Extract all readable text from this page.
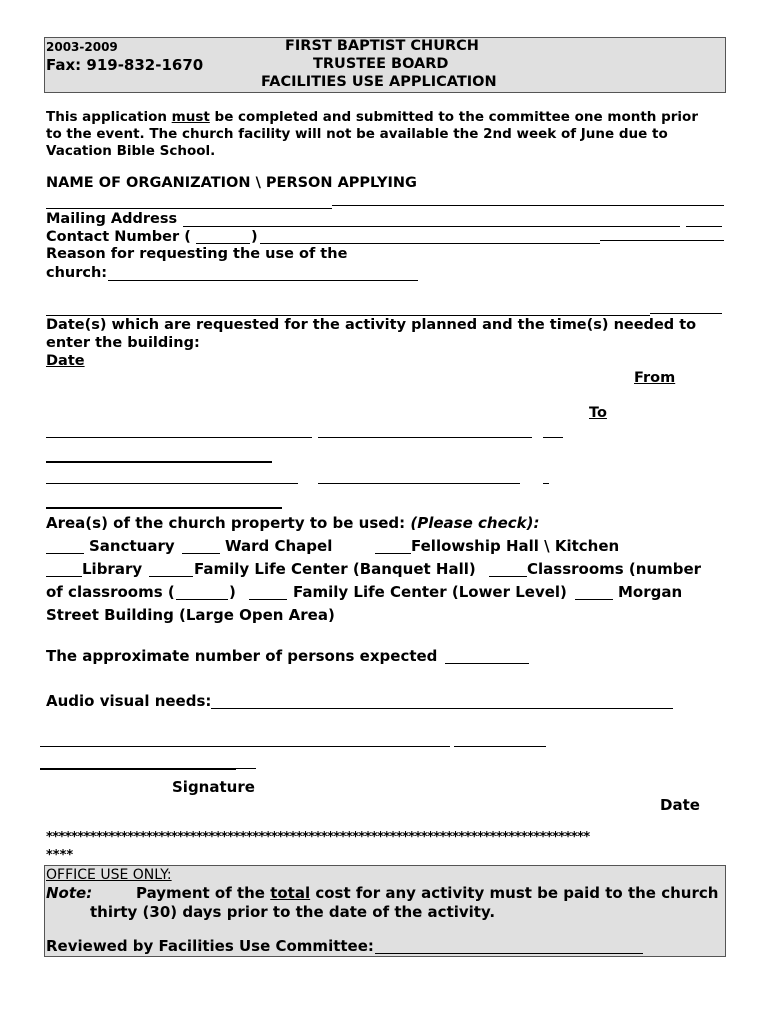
2003-2009
Fax: 919-832-1670
FIRST BAPTIST CHURCH
TRUSTEE BOARD
FACILITIES USE APPLICATION
This application must be completed and submitted to the committee one month prior
to the event. The church facility will not be available the 2nd week of June due to
Vacation Bible School.
NAME OF ORGANIZATION \ PERSON APPLYING
Mailing Address
Contact Number (	)
Reason for requesting the use of the
church:
Date(s) which are requested for the activity planned and the time(s) needed to
enter the building:
Date
From
To
Area(s) of the church property to be used: (Please check):
Sanctuary	Ward Chapel	Fellowship Hall \ Kitchen
Library	Family Life Center (Banquet Hall)	Classrooms (number
of classrooms (	)	Family Life Center (Lower Level)	Morgan
Street Building (Large Open Area)
The approximate number of persons expected
Audio visual needs:
Signature
Date
***************************************************************************************
****
OFFICE USE ONLY:
Note:	Payment of the total cost for any activity must be paid to the church
thirty (30) days prior to the date of the activity.
Reviewed by Facilities Use Committee:
